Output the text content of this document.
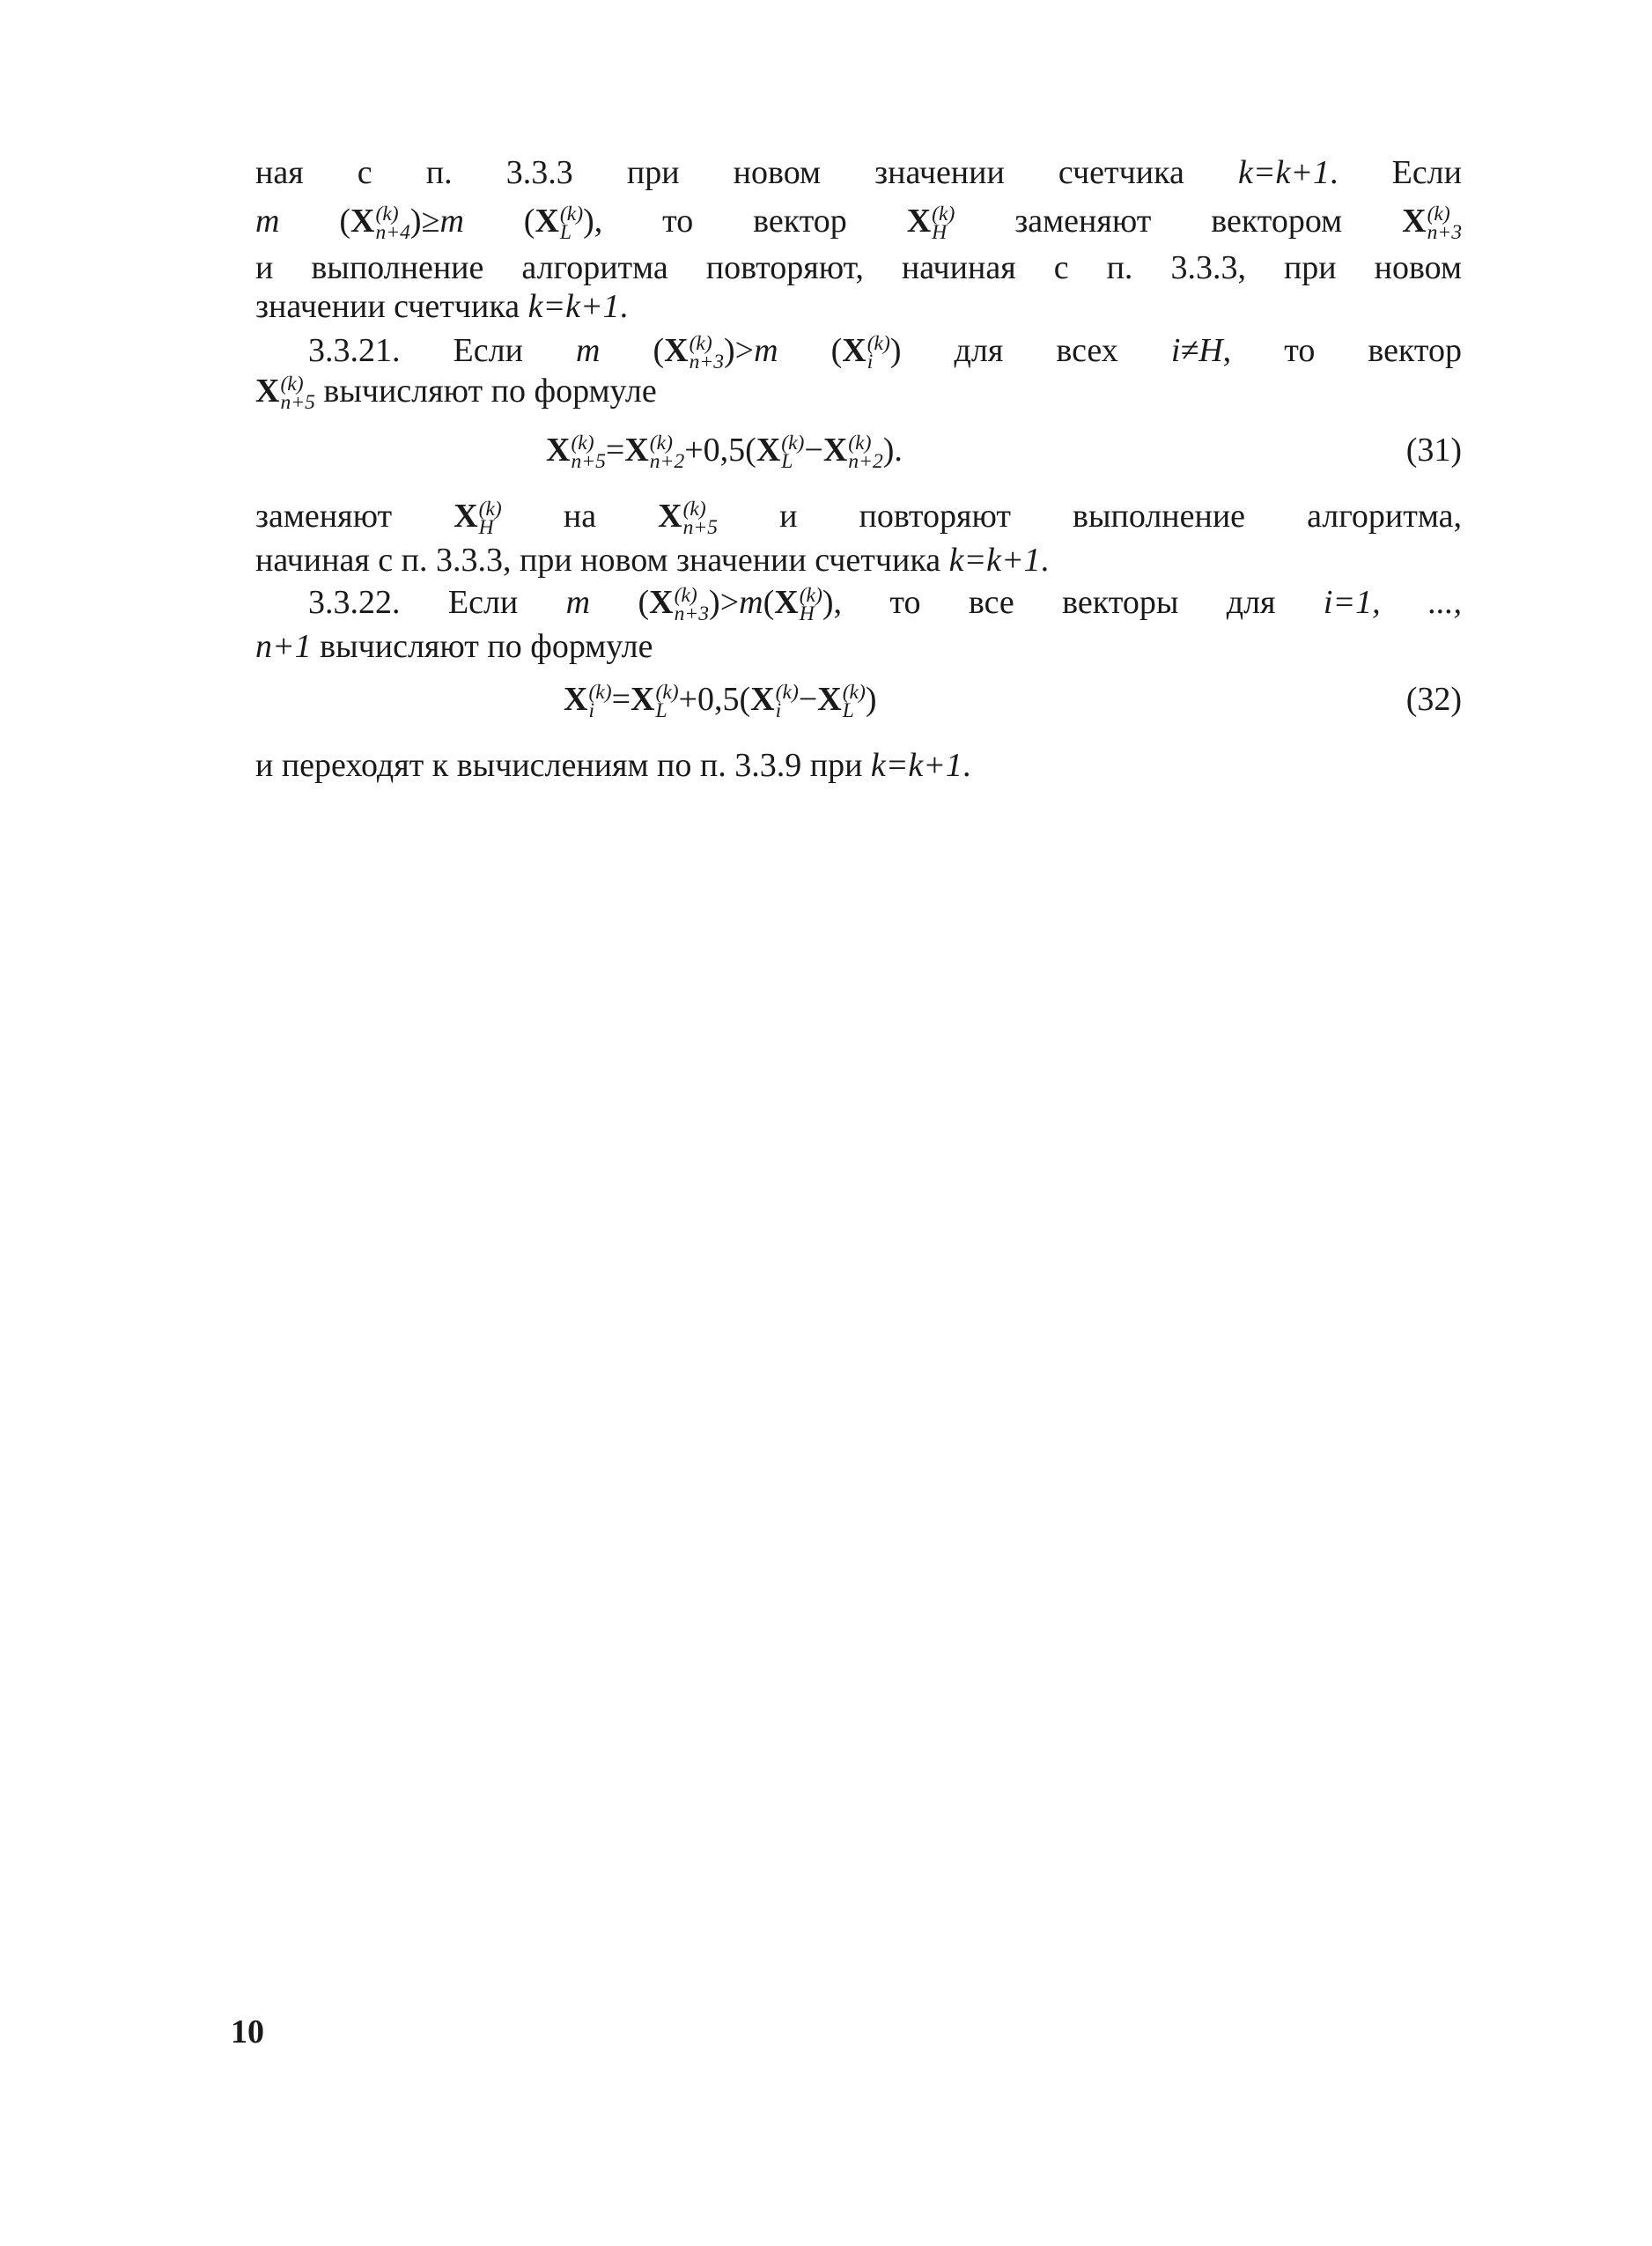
ная с п. 3.3.3 при новом значении счетчика k=k+1. Если
m (X (k)
n+4 )≥m (X (k)
L ), то вектор X (k)
H заменяют вектором X (k)
n+3
и выполнение алгоритма повторяют, начиная с п. 3.3.3, при новом
значении счетчика k=k+1.
3.3.21. Если m (X (k)
n+3 )>m (X (k)
i ) для всех i≠H, то вектор
X (k)
n+5 вычисляют по формуле
X (k)
n+5 =X (k)
n+2 +0,5(X (k)
L −X (k)
n+2 ).	(31)
заменяют X (k)
H на X (k)
n+5 и повторяют выполнение алгоритма,
начиная с п. 3.3.3, при новом значении счетчика k=k+1.
3.3.22. Если m (X (k)
n+3 )>m(X (k)
H ), то все векторы для i=1, ...,
n+1 вычисляют по формуле
X (k)
i =X (k)
L +0,5(X (k)
i −X (k)
L )	(32)
и переходят к вычислениям по п. 3.3.9 при k=k+1.
10
